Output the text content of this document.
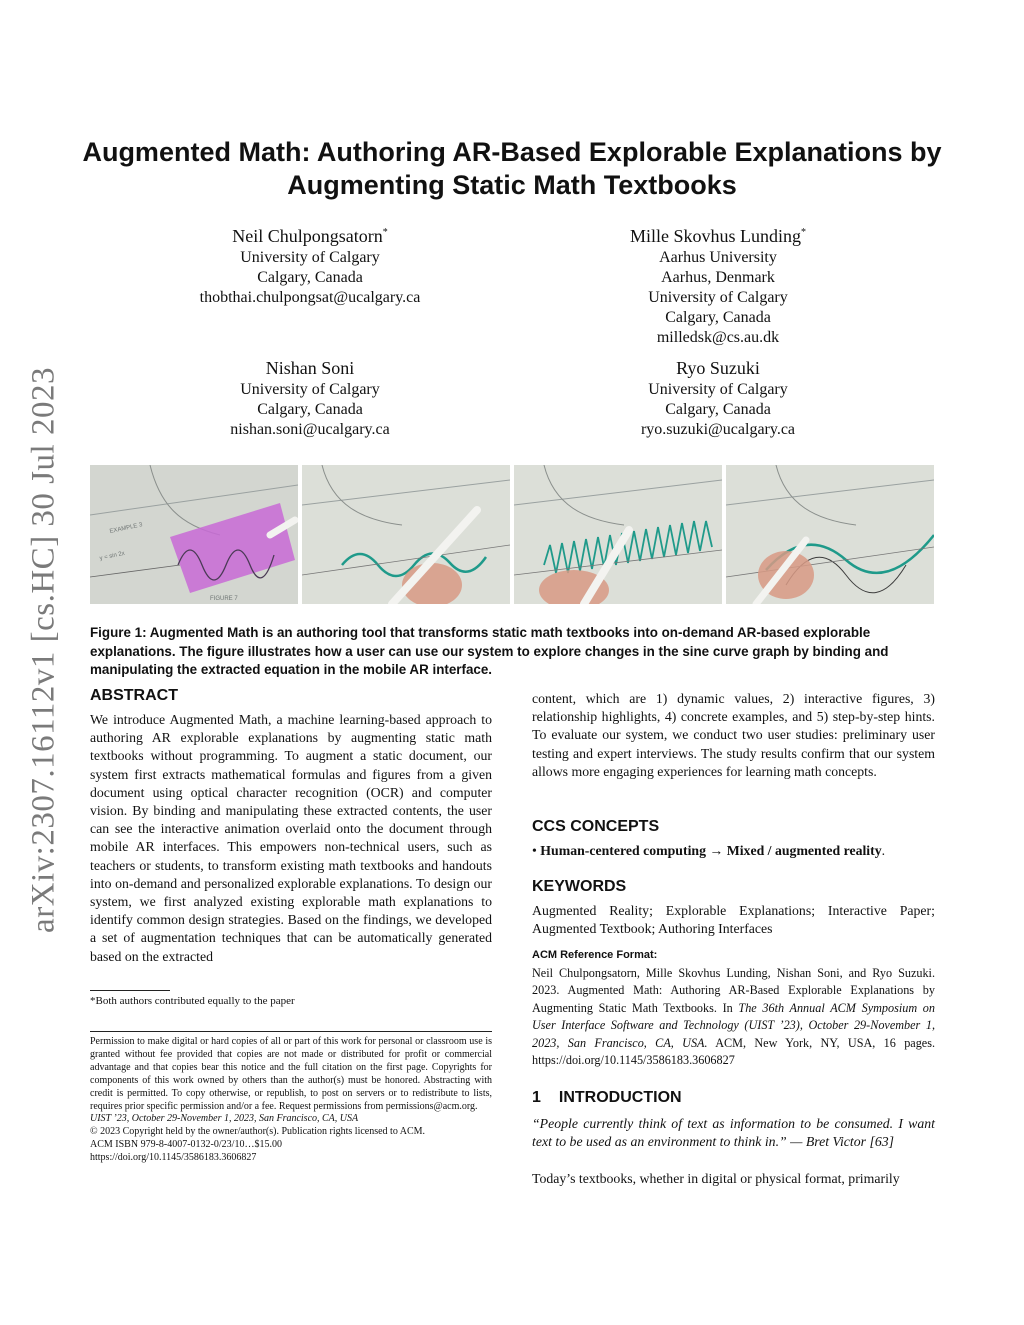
arXiv:2307.16112v1 [cs.HC] 30 Jul 2023
Augmented Math: Authoring AR-Based Explorable Explanations by Augmenting Static Math Textbooks
Neil Chulpongsatorn*
University of Calgary
Calgary, Canada
thobthai.chulpongsat@ucalgary.ca
Mille Skovhus Lunding*
Aarhus University
Aarhus, Denmark
University of Calgary
Calgary, Canada
milledsk@cs.au.dk
Nishan Soni
University of Calgary
Calgary, Canada
nishan.soni@ucalgary.ca
Ryo Suzuki
University of Calgary
Calgary, Canada
ryo.suzuki@ucalgary.ca
EXAMPLE 3
y = sin 2x
FIGURE 7
Figure 1: Augmented Math is an authoring tool that transforms static math textbooks into on-demand AR-based explorable explanations. The figure illustrates how a user can use our system to explore changes in the sine curve graph by binding and manipulating the extracted equation in the mobile AR interface.
ABSTRACT
We introduce Augmented Math, a machine learning-based approach to authoring AR explorable explanations by augmenting static math textbooks without programming. To augment a static document, our system first extracts mathematical formulas and figures from a given document using optical character recognition (OCR) and computer vision. By binding and manipulating these extracted contents, the user can see the interactive animation overlaid onto the document through mobile AR interfaces. This empowers non-technical users, such as teachers or students, to transform existing math textbooks and handouts into on-demand and personalized explorable explanations. To design our system, we first analyzed existing explorable math explanations to identify common design strategies. Based on the findings, we developed a set of augmentation techniques that can be automatically generated based on the extracted
content, which are 1) dynamic values, 2) interactive figures, 3) relationship highlights, 4) concrete examples, and 5) step-by-step hints. To evaluate our system, we conduct two user studies: preliminary user testing and expert interviews. The study results confirm that our system allows more engaging experiences for learning math concepts.
CCS CONCEPTS
• Human-centered computing → Mixed / augmented reality.
KEYWORDS
Augmented Reality; Explorable Explanations; Interactive Paper; Augmented Textbook; Authoring Interfaces
ACM Reference Format:
Neil Chulpongsatorn, Mille Skovhus Lunding, Nishan Soni, and Ryo Suzuki. 2023. Augmented Math: Authoring AR-Based Explorable Explanations by Augmenting Static Math Textbooks. In The 36th Annual ACM Symposium on User Interface Software and Technology (UIST ’23), October 29-November 1, 2023, San Francisco, CA, USA. ACM, New York, NY, USA, 16 pages. https://doi.org/10.1145/3586183.3606827
1 INTRODUCTION
“People currently think of text as information to be consumed. I want text to be used as an environment to think in.” — Bret Victor [63]
Today’s textbooks, whether in digital or physical format, primarily
*Both authors contributed equally to the paper
Permission to make digital or hard copies of all or part of this work for personal or classroom use is granted without fee provided that copies are not made or distributed for profit or commercial advantage and that copies bear this notice and the full citation on the first page. Copyrights for components of this work owned by others than the author(s) must be honored. Abstracting with credit is permitted. To copy otherwise, or republish, to post on servers or to redistribute to lists, requires prior specific permission and/or a fee. Request permissions from permissions@acm.org.
UIST ’23, October 29-November 1, 2023, San Francisco, CA, USA
© 2023 Copyright held by the owner/author(s). Publication rights licensed to ACM.
ACM ISBN 979-8-4007-0132-0/23/10…$15.00
https://doi.org/10.1145/3586183.3606827
